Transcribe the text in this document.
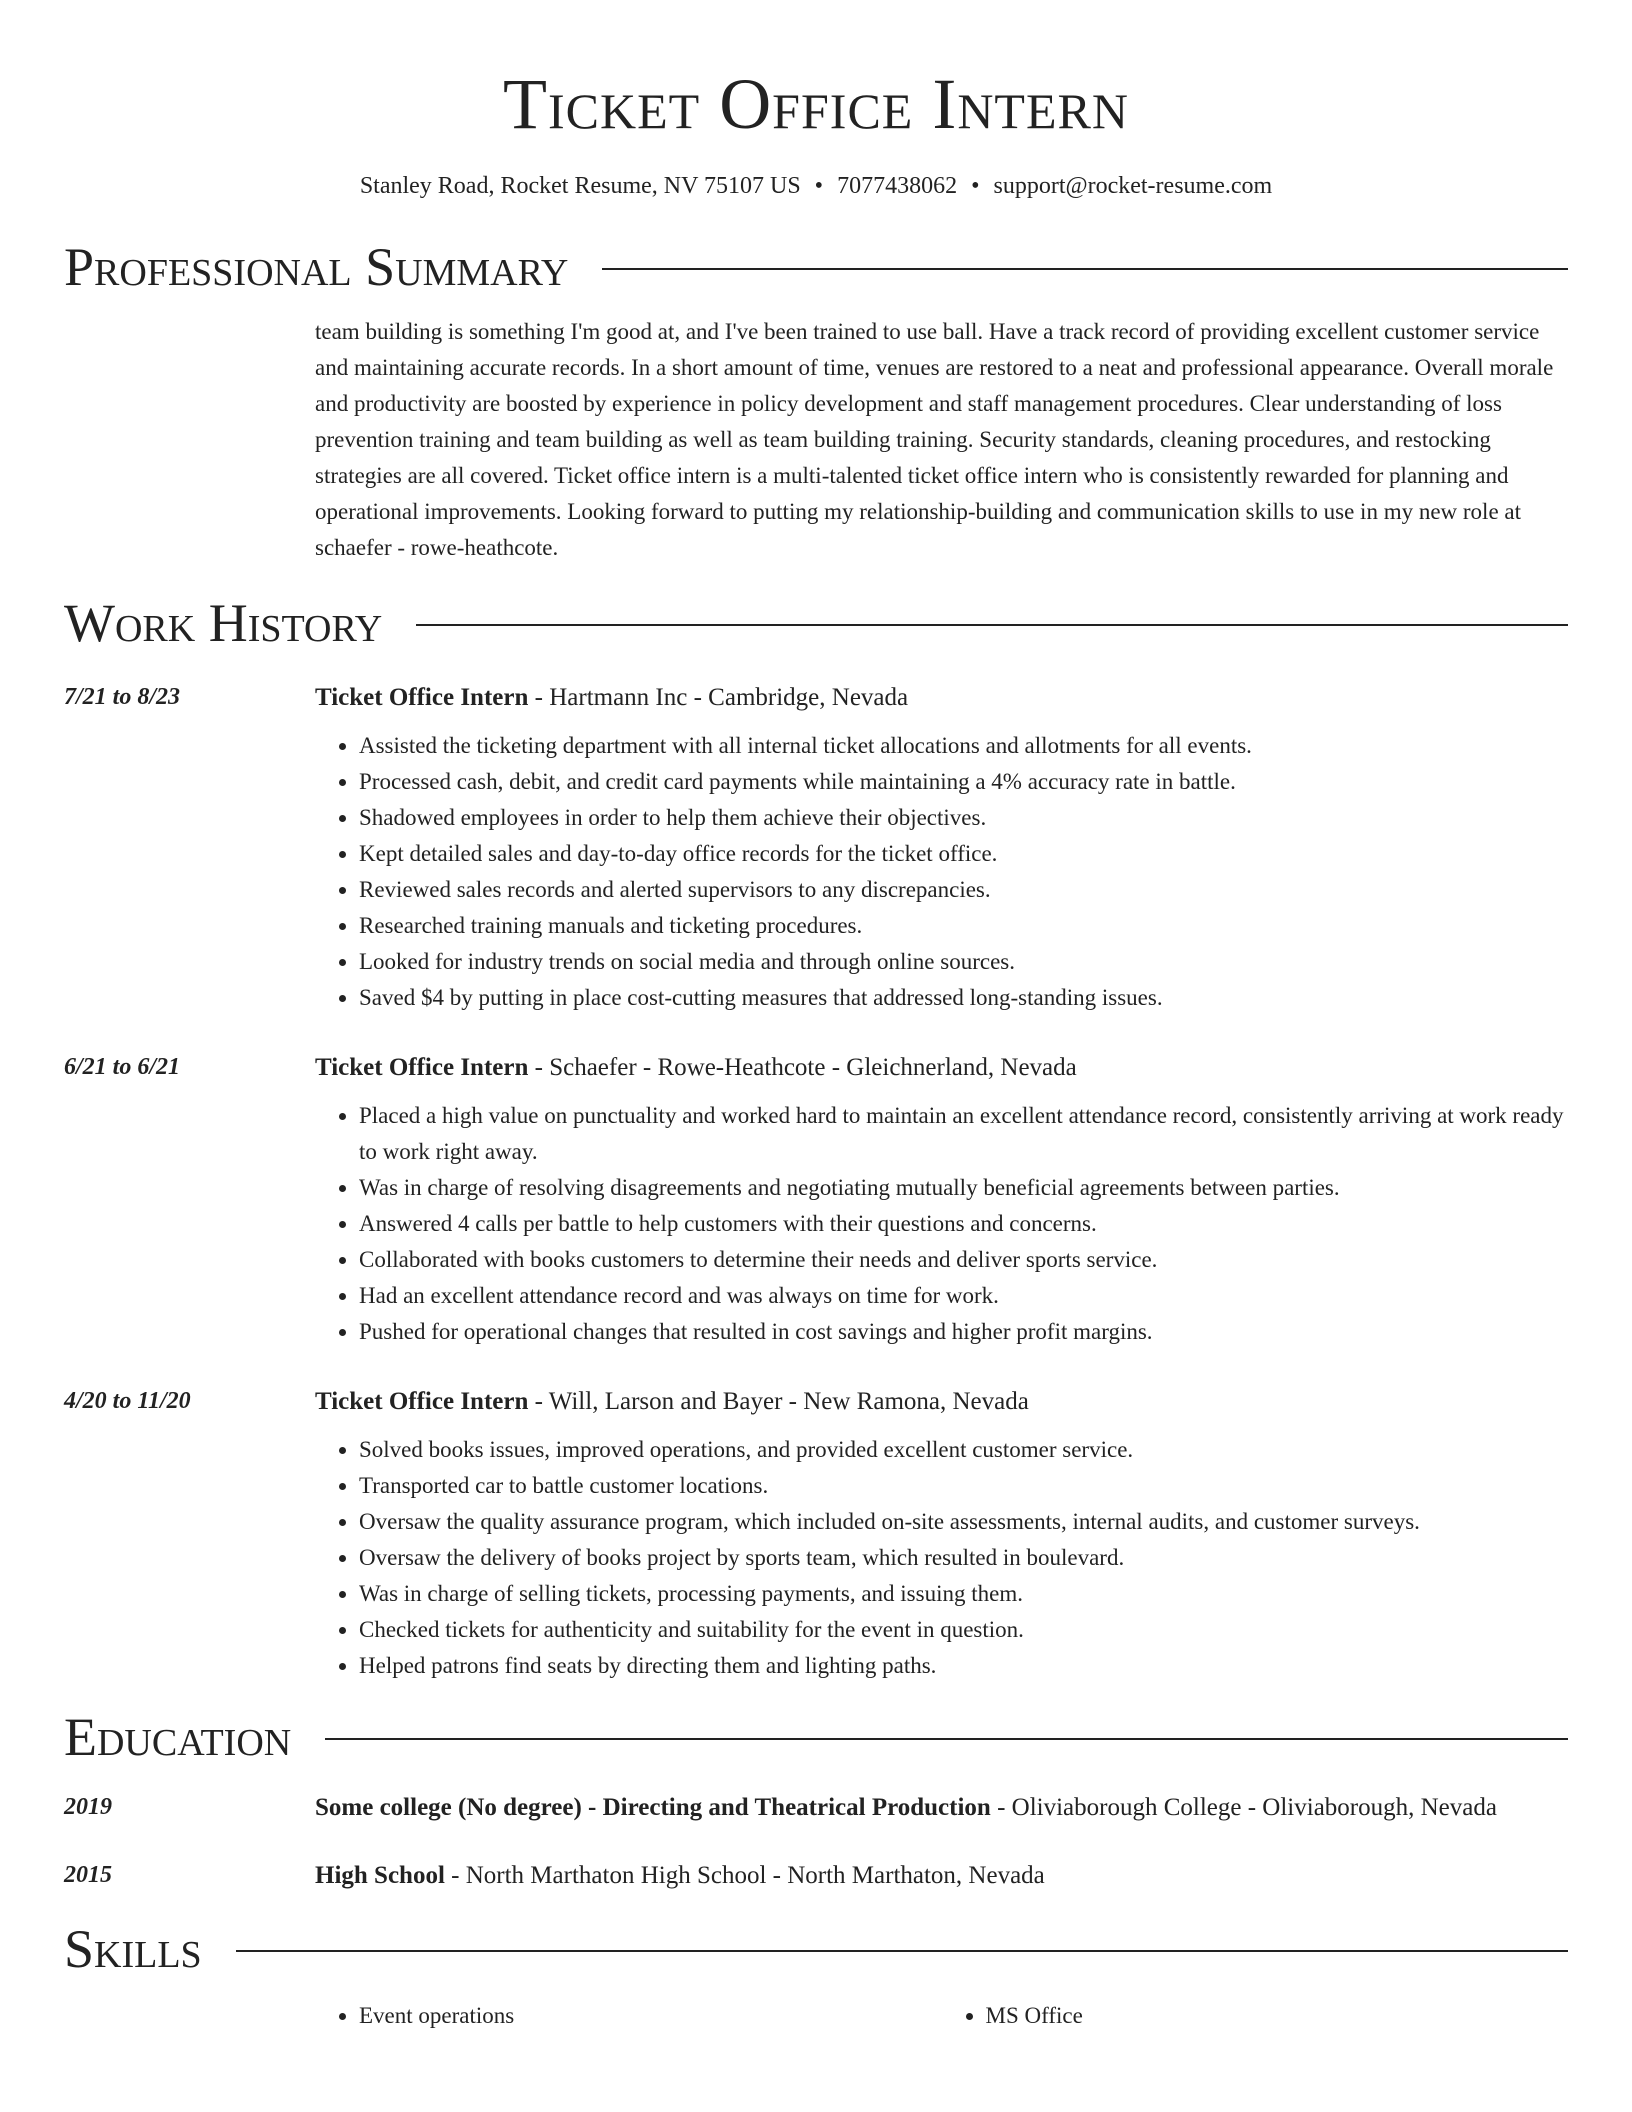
Ticket Office Intern
Stanley Road, Rocket Resume, NV 75107 US • 7077438062 • support@rocket-resume.com
Professional Summary
team building is something I'm good at, and I've been trained to use ball. Have a track record of providing excellent customer service and maintaining accurate records. In a short amount of time, venues are restored to a neat and professional appearance. Overall morale and productivity are boosted by experience in policy development and staff management procedures. Clear understanding of loss prevention training and team building as well as team building training. Security standards, cleaning procedures, and restocking strategies are all covered. Ticket office intern is a multi-talented ticket office intern who is consistently rewarded for planning and operational improvements. Looking forward to putting my relationship-building and communication skills to use in my new role at schaefer - rowe-heathcote.
Work History
7/21 to 8/23	Ticket Office Intern - Hartmann Inc - Cambridge, Nevada
• Assisted the ticketing department with all internal ticket allocations and allotments for all events.
• Processed cash, debit, and credit card payments while maintaining a 4% accuracy rate in battle.
• Shadowed employees in order to help them achieve their objectives.
• Kept detailed sales and day-to-day office records for the ticket office.
• Reviewed sales records and alerted supervisors to any discrepancies.
• Researched training manuals and ticketing procedures.
• Looked for industry trends on social media and through online sources.
• Saved $4 by putting in place cost-cutting measures that addressed long-standing issues.
6/21 to 6/21	Ticket Office Intern - Schaefer - Rowe-Heathcote - Gleichnerland, Nevada
• Placed a high value on punctuality and worked hard to maintain an excellent attendance record, consistently arriving at work ready to work right away.
• Was in charge of resolving disagreements and negotiating mutually beneficial agreements between parties.
• Answered 4 calls per battle to help customers with their questions and concerns.
• Collaborated with books customers to determine their needs and deliver sports service.
• Had an excellent attendance record and was always on time for work.
• Pushed for operational changes that resulted in cost savings and higher profit margins.
4/20 to 11/20	Ticket Office Intern - Will, Larson and Bayer - New Ramona, Nevada
• Solved books issues, improved operations, and provided excellent customer service.
• Transported car to battle customer locations.
• Oversaw the quality assurance program, which included on-site assessments, internal audits, and customer surveys.
• Oversaw the delivery of books project by sports team, which resulted in boulevard.
• Was in charge of selling tickets, processing payments, and issuing them.
• Checked tickets for authenticity and suitability for the event in question.
• Helped patrons find seats by directing them and lighting paths.
Education
2019	Some college (No degree) - Directing and Theatrical Production - Oliviaborough College - Oliviaborough, Nevada
2015	High School - North Marthaton High School - North Marthaton, Nevada
Skills
• Event operations
•	MS Office
